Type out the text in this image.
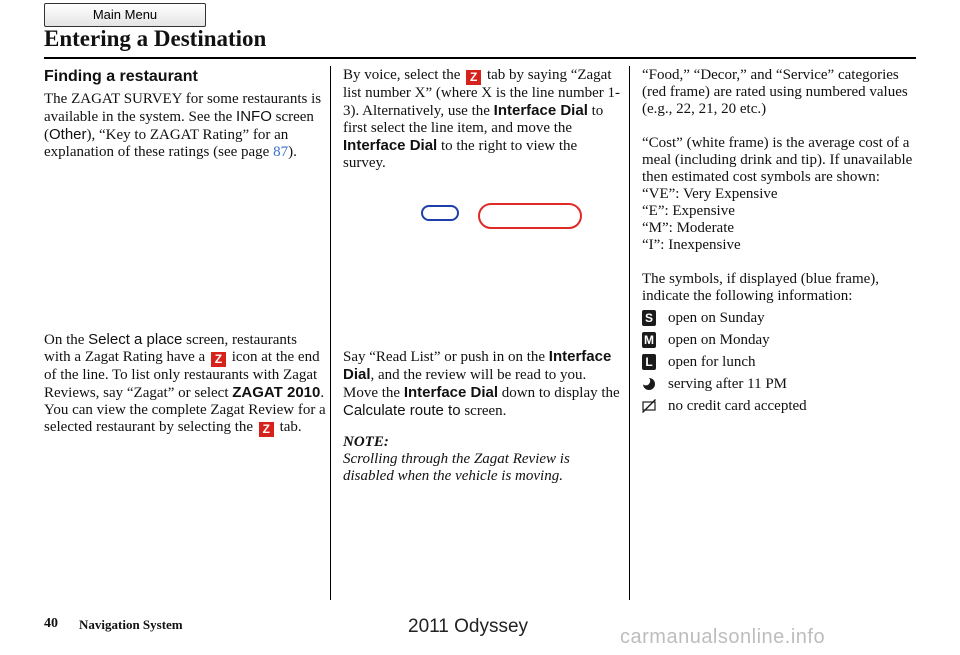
Main Menu
Entering a Destination
Finding a restaurant

The ZAGAT SURVEY for some restaurants is available in the system. See the INFO screen (Other), “Key to ZAGAT Rating” for an explanation of these ratings (see page 87).

On the Select a place screen, restaurants with a Zagat Rating have a Z icon at the end of the line. To list only restaurants with Zagat Reviews, say “Zagat” or select ZAGAT 2010. You can view the complete Zagat Review for a selected restaurant by selecting the Z tab.

By voice, select the Z tab by saying “Zagat list number X” (where X is the line number 1-3). Alternatively, use the Interface Dial to first select the line item, and move the Interface Dial to the right to view the survey.

Say “Read List” or push in on the Interface Dial, and the review will be read to you. Move the Interface Dial down to display the Calculate route to screen.

NOTE:

Scrolling through the Zagat Review is disabled when the vehicle is moving.

“Food,” “Decor,” and “Service” categories (red frame) are rated using numbered values (e.g., 22, 21, 20 etc.)

“Cost” (white frame) is the average cost of a meal (including drink and tip). If unavailable then estimated cost symbols are shown:

“VE”: Very Expensive

“E”: Expensive

“M”: Moderate

“I”: Inexpensive

The symbols, if displayed (blue frame), indicate the following information:

S open on Sunday
M open on Monday
L open for lunch
serving after 11 PM
no credit card accepted
40 Navigation System	2011 Odyssey	carmanualsonline.info
